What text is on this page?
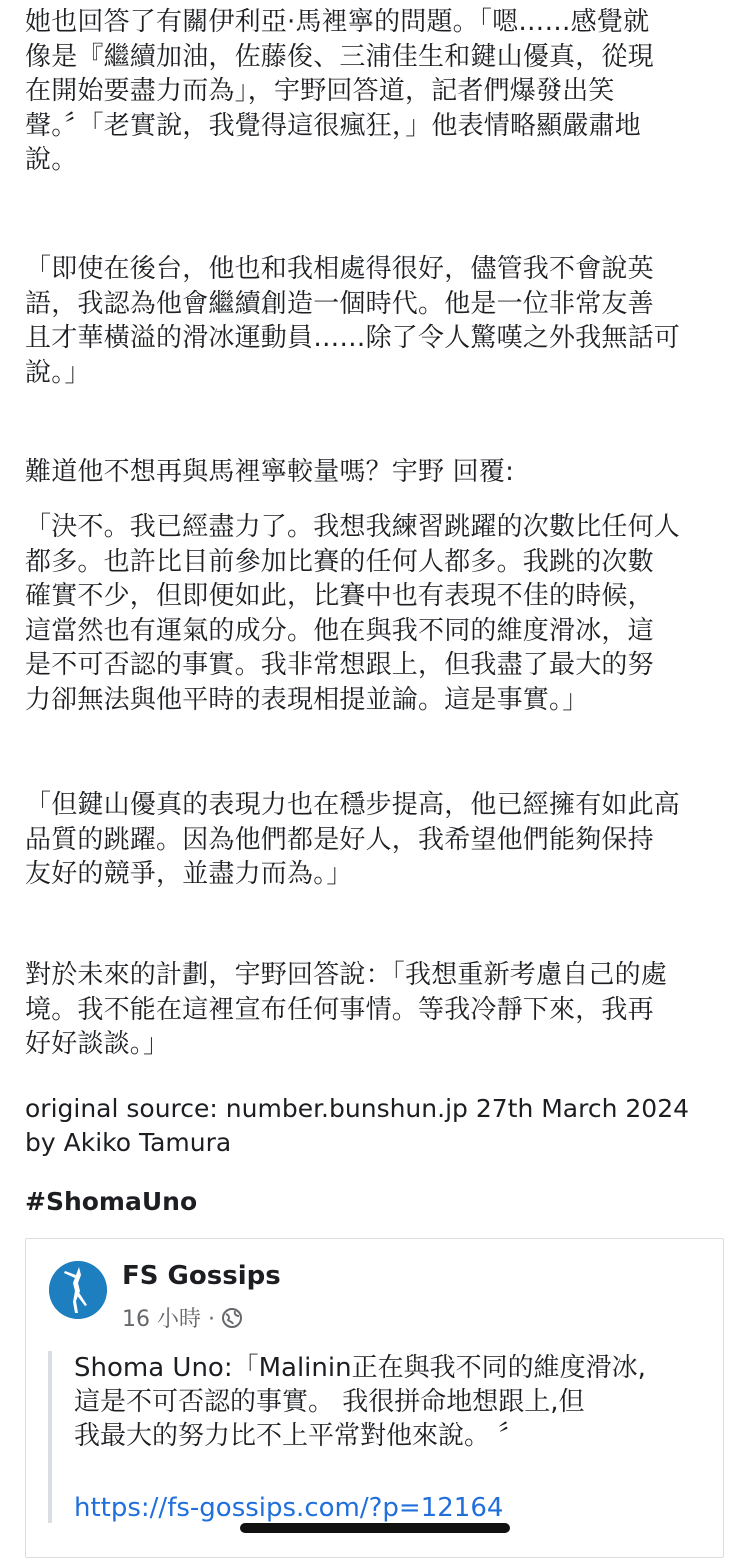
她也回答了有關伊利亞·馬裡寧的問題。「嗯……感覺就
像是『繼續加油，佐藤俊、三浦佳生和鍵山優真，從現
在開始要盡力而為」，宇野回答道，記者們爆發出笑
聲。〞「老實說，我覺得這很瘋狂，」他表情略顯嚴肅地
說。

「即使在後台，他也和我相處得很好，儘管我不會說英
語，我認為他會繼續創造一個時代。他是一位非常友善
且才華橫溢的滑冰運動員……除了令人驚嘆之外我無話可
說。」

難道他不想再與馬裡寧較量嗎？宇野 回覆:

「決不。我已經盡力了。我想我練習跳躍的次數比任何人
都多。也許比目前參加比賽的任何人都多。我跳的次數
確實不少，但即便如此，比賽中也有表現不佳的時候，
這當然也有運氣的成分。他在與我不同的維度滑冰，這
是不可否認的事實。我非常想跟上，但我盡了最大的努
力卻無法與他平時的表現相提並論。這是事實。」

「但鍵山優真的表現力也在穩步提高，他已經擁有如此高
品質的跳躍。因為他們都是好人，我希望他們能夠保持
友好的競爭，並盡力而為。」

對於未來的計劃，宇野回答說：「我想重新考慮自己的處
境。我不能在這裡宣布任何事情。等我冷靜下來，我再
好好談談。」

original source: number.bunshun.jp 27th March 2024
by Akiko Tamura
#ShomaUno
FS Gossips
16 小時 ·

Shoma Uno:「Malinin正在與我不同的維度滑冰,
這是不可否認的事實。 我很拼命地想跟上,但
我最大的努力比不上平常對他來說。 〞

https://fs-gossips.com/?p=12164
